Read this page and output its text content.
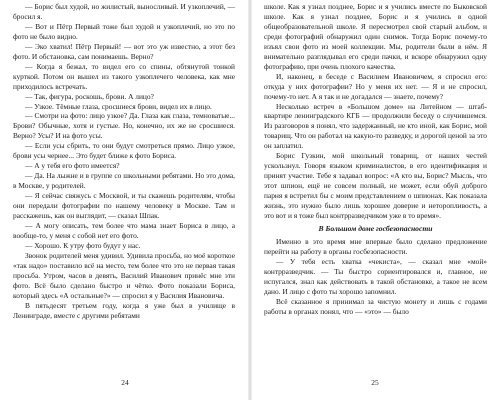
— Борис был худой, но жилистый, выносливый. И узкоплечий, — бросил я.

— Вот и Пётр Первый тоже был худой и узкоплечий, но это по фото не было видно.

— Эко хватил! Пётр Первый! — вот это уж известно, а этот без фото. И обстановка, сам понимаешь. Верно?

— Когда я бежал, то видел его со спины, обтянутой тонкой курткой. Потом он вышел из такого узкоплечего человека, как мне приходилось встречать.

— Так, фигура, роскошь, брови. А лицо?

— Узкое. Тёмные глаза, сросшиеся брови, видел их в лицо.

— Смотри на фото: лицо узкое? Да. Глаза как глаза, темноватые... Брови? Обычные, хотя и густые. Но, конечно, их же не сросшиеся. Верно? Усы? И на фото усы.

— Если усы сбрить, то они будут смотреться прямо. Лицо узкое, брови усы чернее... Это будет ближе к фото Бориса.

— А у тебя его фото имеется?

— Да. На лыжне и в группе со школьными ребятами. Но это дома, в Москве, у родителей.

— Я сейчас свяжусь с Москвой, и ты скажешь родителям, чтобы они передали фотографии по нашему человеку в Москве. Там и расскажешь, как он выглядит, — сказал Шпак.

— А могу описать, тем более что мама знает Бориса в лицо, а вообще-то, у меня с собой нет его фото.

— Хорошо. К утру фото будут у нас.

Звонок родителей меня удивил. Удивила просьба, но моё короткое «так надо» поставило всё на место, тем более что это не первая такая просьба. Утром, часов в девять, Василий Иванович принёс мне эти фото. Всё было сделано быстро и чётко. Фото показали Бориса, который здесь «А остальные?» — спросил я у Василия Ивановича.

В пятьдесят третьем году, когда я уже был в училище в Ленинграде, вместе с другими ребятами

24

школе. Как я узнал позднее, Борис и я учились вместе по Быковской школе. Как я узнал позднее, Борис и я учились в одной общеобразовательной школе. Я пересмотрел свой старый альбом, и среди фотографий обнаружил один снимок. Тогда Борис почему-то изъял свои фото из моей коллекции. Мы, родители были в нём. Я внимательно разглядывал его среди пачки, и вскоре обнаружил одну фотографию, при очень плохого качества.

И, наконец, в беседе с Василием Ивановичем, я спросил его: откуда у них фотографии? Но у меня их нет. — Я и не спросил, почему-то нет. А я так и не догадался — знаете, почему?

Несколько встреч в «Большом доме» на Литейном — штаб-квартире ленинградского КГБ — продолжили беседу о случившемся. Из разговоров я понял, что задержанный, не кто иной, как Борис, мой товарищ. Что он работал на какую-то разведку, и дорогой ценой за это он заплатил.

Борис Гузкин, мой школьный товарищ, от наших честей ускользнул. Говоря языком криминалистов, в его идентификация и принят участие. Тебе я задавал вопрос: «А кто вы, Борис? Мысль, что этот шпион, ещё не совсем полный, не может, если обуй доброго парня я встретил бы с моим представлением о шпионах. Как показала жизнь, это нужно было лишь хорошее доверие и неторопливость, а это вот и я тоже был контрразведчиком уже в то время».

В Большом доме госбезопасности

Именно в это время мне впервые было сделано предложение перейти на работу в органы госбезопасности.

— У тебя есть хватка «чекиста», — сказал мне «мой» контрразведчик. — Ты быстро сориентировался и, главное, не испугался, знал как действовать в такой обстановке, а такое не всем дано. И лицо с фото ты хорошо запомнил.

Всё сказанное я принимал за чистую монету и лишь с годами работы в органах понял, что — «это» — было

25
